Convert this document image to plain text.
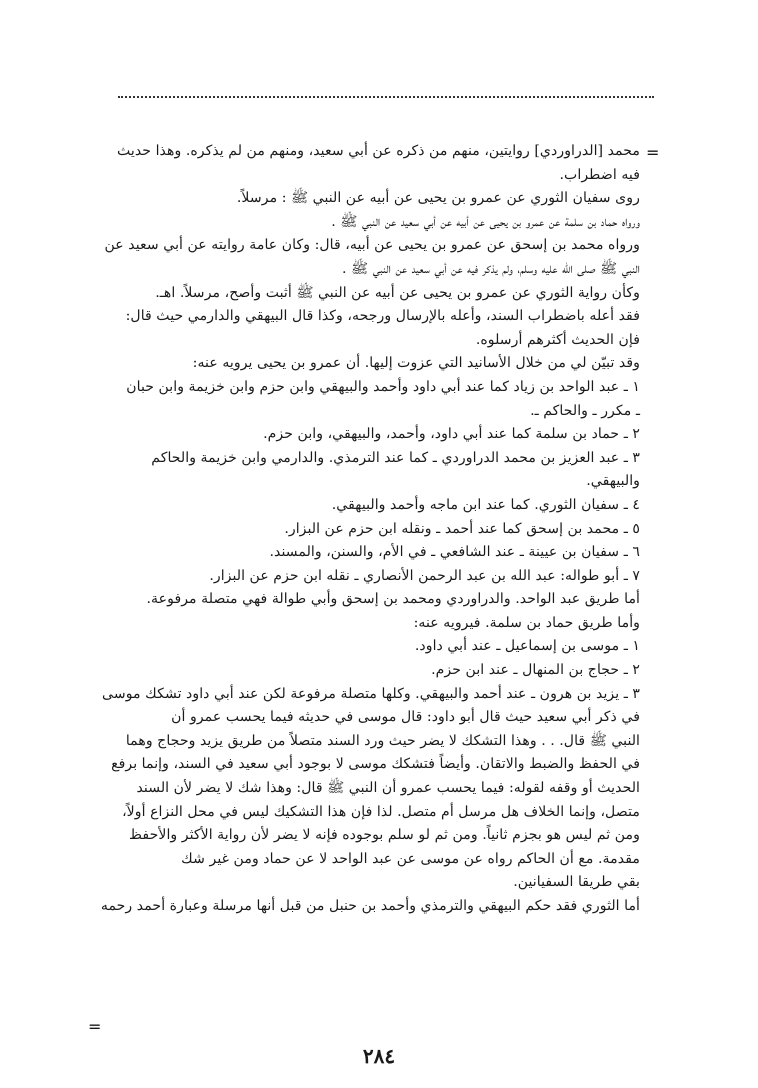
=

محمد [الدراوردي] روايتين، منهم من ذكره عن أبي سعيد، ومنهم من لم يذكره. وهذا حديث

فيه اضطراب.

روى سفيان الثوري عن عمرو بن يحيى عن أبيه عن النبي ﷺ : مرسلاً.

ورواه حماد بن سلمة عن عمرو بن يحيى عن أبيه عن أبي سعيد عن النبي ﷺ .

ورواه محمد بن إسحق عن عمرو بن يحيى عن أبيه، قال: وكان عامة روايته عن أبي سعيد عن

النبي ﷺ صلى الله عليه وسلم، ولم يذكر فيه عن أبي سعيد عن النبي ﷺ .

وكأن رواية الثوري عن عمرو بن يحيى عن أبيه عن النبي ﷺ أثبت وأصح، مرسلاً. اهـ.

فقد أعله باضطراب السند، وأعله بالإرسال ورجحه، وكذا قال البيهقي والدارمي حيث قال:

فإن الحديث أكثرهم أرسلوه.

وقد تبيّن لي من خلال الأسانيد التي عزوت إليها. أن عمرو بن يحيى يرويه عنه:

١ ـ عبد الواحد بن زياد كما عند أبي داود وأحمد والبيهقي وابن حزم وابن خزيمة وابن حبان

ـ مكرر ـ والحاكم ـ.

٢ ـ حماد بن سلمة كما عند أبي داود، وأحمد، والبيهقي، وابن حزم.

٣ ـ عبد العزيز بن محمد الدراوردي ـ كما عند الترمذي. والدارمي وابن خزيمة والحاكم

والبيهقي.

٤ ـ سفيان الثوري. كما عند ابن ماجه وأحمد والبيهقي.

٥ ـ محمد بن إسحق كما عند أحمد ـ ونقله ابن حزم عن البزار.

٦ ـ سفيان بن عيينة ـ عند الشافعي ـ في الأم، والسنن، والمسند.

٧ ـ أبو طواله: عبد الله بن عبد الرحمن الأنصاري ـ نقله ابن حزم عن البزار.

أما طريق عبد الواحد. والدراوردي ومحمد بن إسحق وأبي طوالة فهي متصلة مرفوعة.

وأما طريق حماد بن سلمة. فيرويه عنه:

١ ـ موسى بن إسماعيل ـ عند أبي داود.

٢ ـ حجاج بن المنهال ـ عند ابن حزم.

٣ ـ يزيد بن هرون ـ عند أحمد والبيهقي. وكلها متصلة مرفوعة لكن عند أبي داود تشكك موسى

في ذكر أبي سعيد حيث قال أبو داود: قال موسى في حديثه فيما يحسب عمرو أن

النبي ﷺ قال. . . وهذا التشكك لا يضر حيث ورد السند متصلاً من طريق يزيد وحجاج وهما

في الحفظ والضبط والاتقان. وأيضاً فتشكك موسى لا بوجود أبي سعيد في السند، وإنما برفع

الحديث أو وقفه لقوله: فيما يحسب عمرو أن النبي ﷺ قال: وهذا شك لا يضر لأن السند

متصل، وإنما الخلاف هل مرسل أم متصل. لذا فإن هذا التشكيك ليس في محل النزاع أولاً،

ومن ثم ليس هو بجزم ثانياً. ومن ثم لو سلم بوجوده فإنه لا يضر لأن رواية الأكثر والأحفظ

مقدمة. مع أن الحاكم رواه عن موسى عن عبد الواحد لا عن حماد ومن غير شك

بقي طريقا السفيانين.

أما الثوري فقد حكم البيهقي والترمذي وأحمد بن حنبل من قبل أنها مرسلة وعبارة أحمد رحمه

=
٢٨٤
